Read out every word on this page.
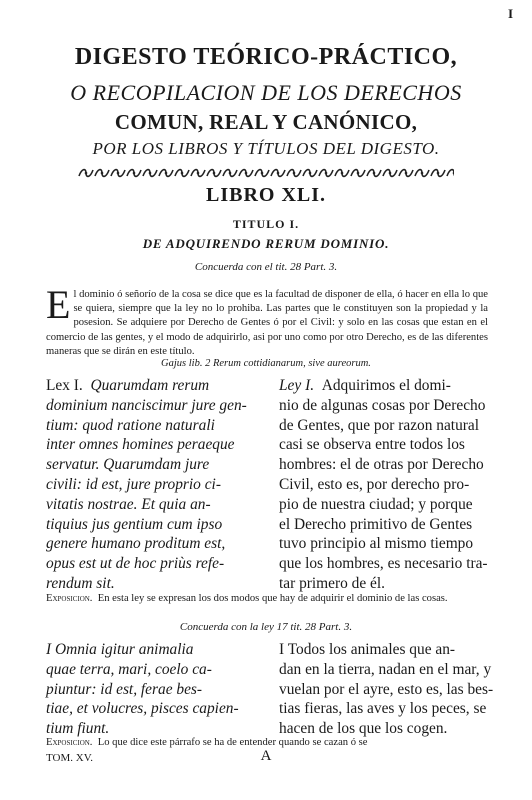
I
DIGESTO TEÓRICO-PRÁCTICO,
O RECOPILACION DE LOS DERECHOS
COMUN, REAL Y CANÓNICO,
POR LOS LIBROS Y TÍTULOS DEL DIGESTO.
LIBRO XLI.
TITULO I.
DE ADQUIRENDO RERUM DOMINIO.
Concuerda con el tit. 28 Part. 3.
El dominio ó señorío de la cosa se dice que es la facultad de disponer de ella, ó hacer en ella lo que se quiera, siempre que la ley no lo prohiba. Las partes que le constituyen son la propiedad y la posesion. Se adquiere por Derecho de Gentes ó por el Civil: y solo en las cosas que estan en el comercio de las gentes, y el modo de adquirirlo, asi por uno como por otro Derecho, es de las diferentes maneras que se dirán en este título.
Gajus lib. 2 Rerum cottidianarum, sive aureorum.
Lex I. Quarumdam rerum
dominium nanciscimur jure gen-
tium: quod ratione naturali
inter omnes homines peraeque
servatur. Quarumdam jure
civili: id est, jure proprio ci-
vitatis nostrae. Et quia an-
tiquius jus gentium cum ipso
genere humano proditum est,
opus est ut de hoc priùs refe-
rendum sit.
Ley I. Adquirimos el domi-
nio de algunas cosas por Derecho
de Gentes, que por razon natural
casi se observa entre todos los
hombres: el de otras por Derecho
Civil, esto es, por derecho pro-
pio de nuestra ciudad; y porque
el Derecho primitivo de Gentes
tuvo principio al mismo tiempo
que los hombres, es necesario tra-
tar primero de él.
Exposicion. En esta ley se expresan los dos modos que hay de adquirir el dominio de las cosas.
Concuerda con la ley 17 tit. 28 Part. 3.
I Omnia igitur animalia
quae terra, mari, coelo ca-
piuntur: id est, ferae bes-
tiae, et volucres, pisces capien-
tium fiunt.
I Todos los animales que an-
dan en la tierra, nadan en el mar, y
vuelan por el ayre, esto es, las bes-
tias fieras, las aves y los peces, se
hacen de los que los cogen.
Exposicion. Lo que dice este párrafo se ha de entender quando se cazan ó se
TOM. XV.	A
